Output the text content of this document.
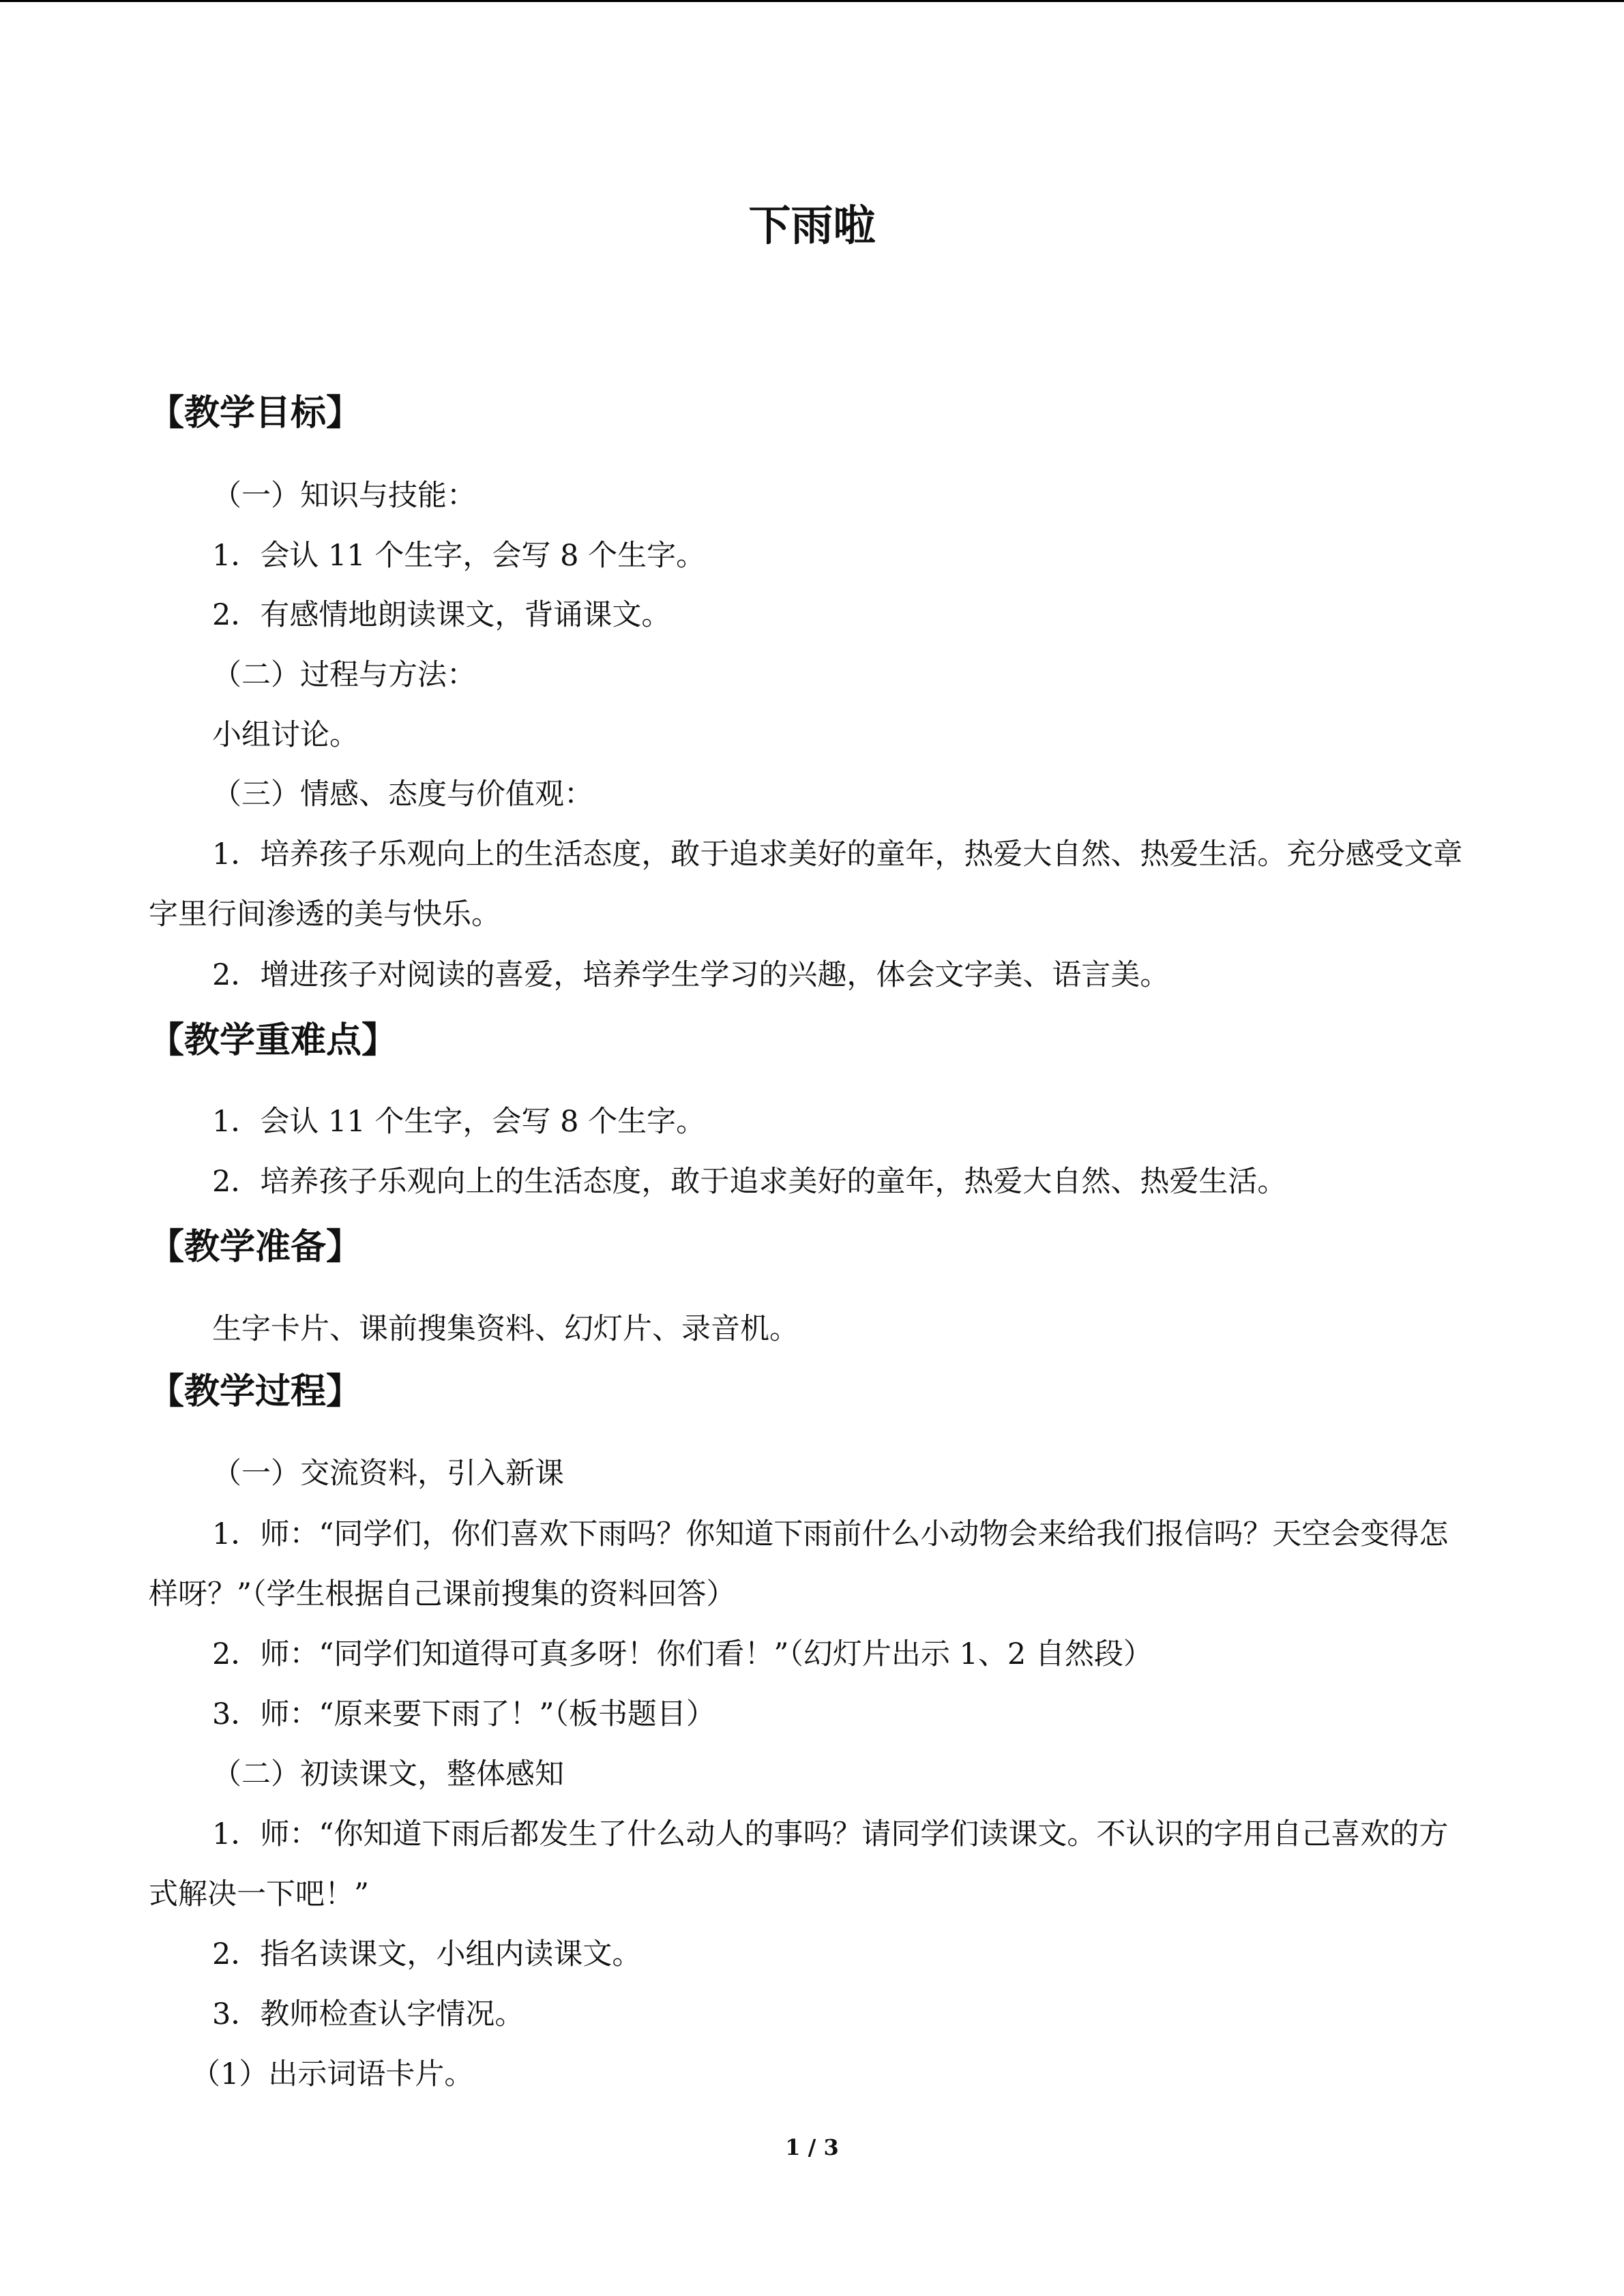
下雨啦
【教学目标】
（一）知识与技能：
1．会认 11 个生字，会写 8 个生字。
2．有感情地朗读课文，背诵课文。
（二）过程与方法：
小组讨论。
（三）情感、态度与价值观：
1．培养孩子乐观向上的生活态度，敢于追求美好的童年，热爱大自然、热爱生活。充分感受文章字里行间渗透的美与快乐。
2．增进孩子对阅读的喜爱，培养学生学习的兴趣，体会文字美、语言美。
【教学重难点】
1．会认 11 个生字，会写 8 个生字。
2．培养孩子乐观向上的生活态度，敢于追求美好的童年，热爱大自然、热爱生活。
【教学准备】
生字卡片、课前搜集资料、幻灯片、录音机。
【教学过程】
（一）交流资料，引入新课
1．师：“同学们，你们喜欢下雨吗？你知道下雨前什么小动物会来给我们报信吗？天空会变得怎样呀？”（学生根据自己课前搜集的资料回答）
2．师：“同学们知道得可真多呀！你们看！”（幻灯片出示 1、2 自然段）
3．师：“原来要下雨了！”（板书题目）
（二）初读课文，整体感知
1．师：“你知道下雨后都发生了什么动人的事吗？请同学们读课文。不认识的字用自己喜欢的方式解决一下吧！”
2．指名读课文，小组内读课文。
3．教师检查认字情况。
（1）出示词语卡片。
1 / 3
